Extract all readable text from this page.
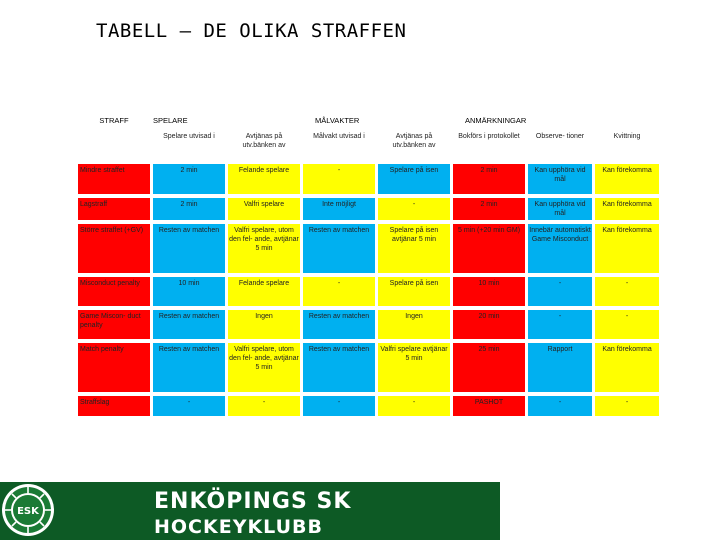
TABELL – DE OLIKA STRAFFEN
STRAFF	SPELARE		MÅLVAKTER		ANMÄRKNINGAR		
	Spelare utvisad i	Avtjänas på utv.bänken av	Målvakt utvisad i	Avtjänas på utv.bänken av	Bokförs i protokollet	Observe- tioner	Kvittning
Mindre straffet	2 min	Felande spelare	-	Spelare på isen	2 min	Kan upphöra vid mål	Kan förekomma
Lagstraff	2 min	Valfri spelare	Inte möjligt	-	2 min	Kan upphöra vid mål	Kan förekomma
Större straffet (+GV)	Resten av matchen	Valfri spelare, utom den fel- ande, avtjänar 5 min	Resten av matchen	Spelare på isen avtjänar 5 min	5 min (+20 min GM)	Innebär automatiskt Game Misconduct	Kan förekomma
Misconduct penalty	10 min	Felande spelare	-	Spelare på isen	10 min	-	-
Game Miscon- duct penalty	Resten av matchen	Ingen	Resten av matchen	Ingen	20 min	-	-
Match penalty	Resten av matchen	Valfri spelare, utom den fel- ande, avtjänar 5 min	Resten av matchen	Valfri spelare avtjänar 5 min	25 min	Rapport	Kan förekomma
Straffslag	-	-	-	-	PASHOT	-	-
ESK	ENKÖPINGS SK
HOCKEYKLUBB
